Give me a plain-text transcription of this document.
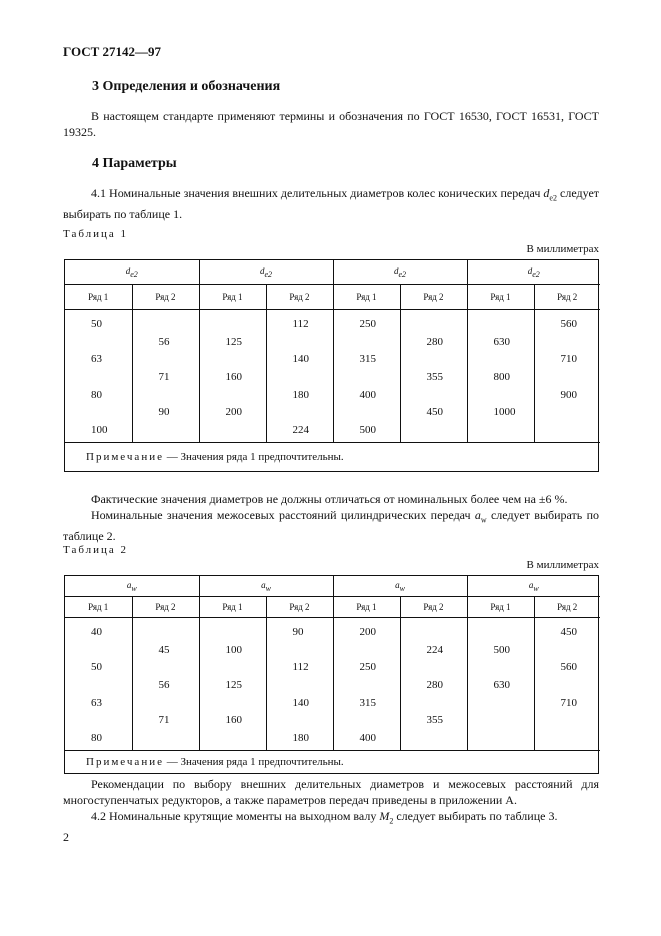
ГОСТ 27142—97
3 Определения и обозначения
В настоящем стандарте применяют термины и обозначения по ГОСТ 16530, ГОСТ 16531, ГОСТ 19325.
4 Параметры
4.1 Номинальные значения внешних делительных диаметров колес конических передач $d_{e2}$ следует выбирать по таблице 1.
Таблица 1
В миллиметрах
$d_{e2}$		$d_{e2}$		$d_{e2}$		$d_{e2}$
Ряд 1	Ряд 2	Ряд 1	Ряд 2	Ряд 1	Ряд 2	Ряд 1	Ряд 2

50			112	250			560
	56	125			280	630	
63			140	315			710
	71	160			355	800	
80			180	400			900
	90	200			450	1000	
100			224	500			
Примечание — Значения ряда 1 предпочтительны.							
Фактические значения диаметров не должны отличаться от номинальных более чем на ±6 %.
Номинальные значения межосевых расстояний цилиндрических передач $a_w$ следует выбирать по таблице 2.
Таблица 2
В миллиметрах
$a_w$		$a_w$		$a_w$		$a_w$
Ряд 1	Ряд 2	Ряд 1	Ряд 2	Ряд 1	Ряд 2	Ряд 1	Ряд 2

40			90	200			450
	45	100			224	500	
50			112	250			560
	56	125			280	630	
63			140	315			710
	71	160			355		
80			180	400			
Примечание — Значения ряда 1 предпочтительны.							
Рекомендации по выбору внешних делительных диаметров и межосевых расстояний для многоступенчатых редукторов, а также параметров передач приведены в приложении А.
4.2 Номинальные крутящие моменты на выходном валу $M_2$ следует выбирать по таблице 3.
2
